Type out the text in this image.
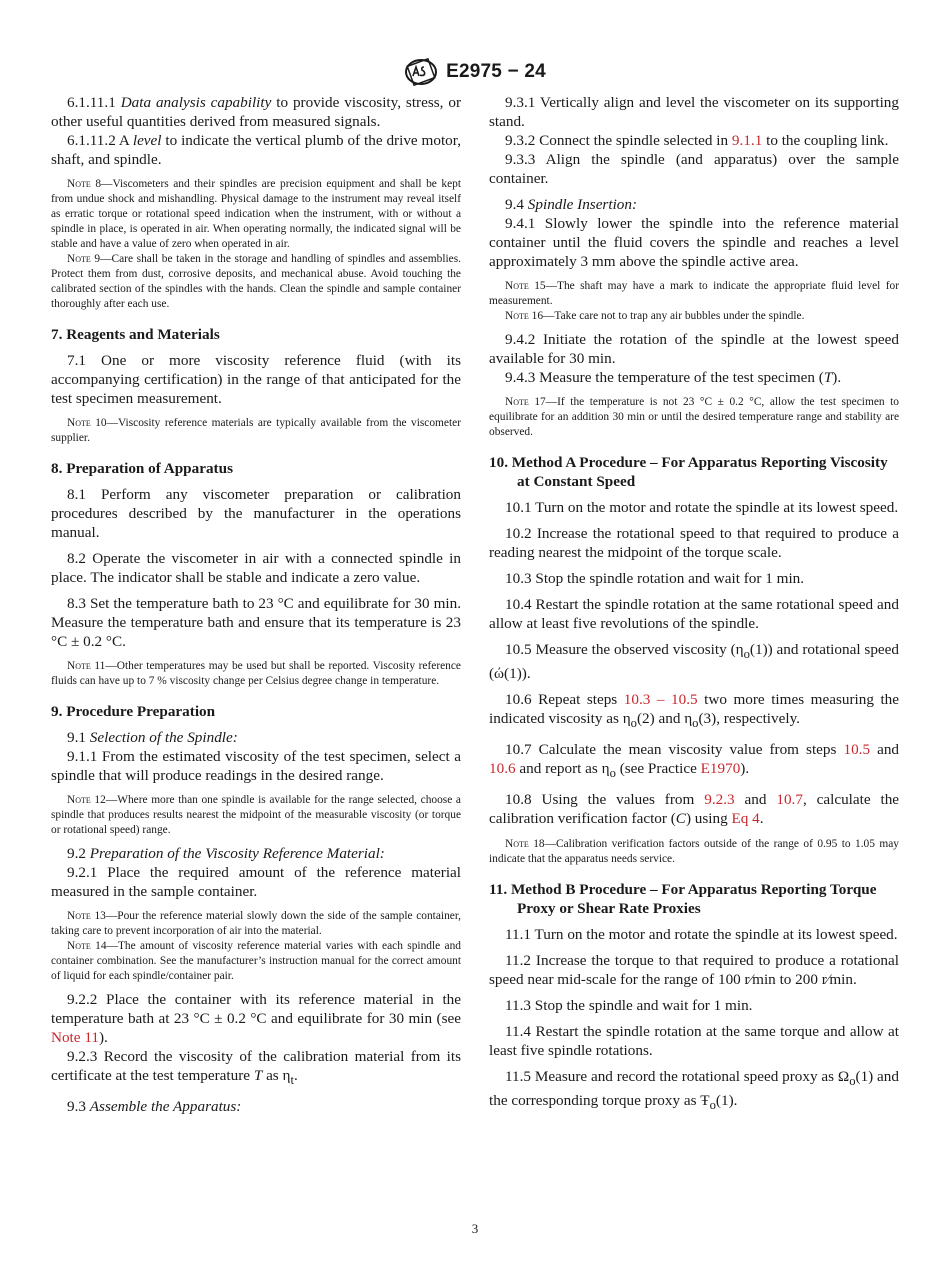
E2975 − 24

6.1.11.1 Data analysis capability to provide viscosity, stress, or other useful quantities derived from measured signals.

6.1.11.2 A level to indicate the vertical plumb of the drive motor, shaft, and spindle.

Note 8—Viscometers and their spindles are precision equipment and shall be kept from undue shock and mishandling. Physical damage to the instrument may reveal itself as erratic torque or rotational speed indication when the instrument, with or without a spindle in place, is operated in air. When operating normally, the indicated signal will be stable and have a value of zero when operated in air.

Note 9—Care shall be taken in the storage and handling of spindles and assemblies. Protect them from dust, corrosive deposits, and mechanical abuse. Avoid touching the calibrated section of the spindles with the hands. Clean the spindle and sample container thoroughly after each use.

7. Reagents and Materials

7.1 One or more viscosity reference fluid (with its accompanying certification) in the range of that anticipated for the test specimen measurement.

Note 10—Viscosity reference materials are typically available from the viscometer supplier.

8. Preparation of Apparatus

8.1 Perform any viscometer preparation or calibration procedures described by the manufacturer in the operations manual.

8.2 Operate the viscometer in air with a connected spindle in place. The indicator shall be stable and indicate a zero value.

8.3 Set the temperature bath to 23 °C and equilibrate for 30 min. Measure the temperature bath and ensure that its temperature is 23 °C ± 0.2 °C.

Note 11—Other temperatures may be used but shall be reported. Viscosity reference fluids can have up to 7 % viscosity change per Celsius degree change in temperature.

9. Procedure Preparation

9.1 Selection of the Spindle:

9.1.1 From the estimated viscosity of the test specimen, select a spindle that will produce readings in the desired range.

Note 12—Where more than one spindle is available for the range selected, choose a spindle that produces results nearest the midpoint of the measurable viscosity (or torque or rotational speed) range.

9.2 Preparation of the Viscosity Reference Material:

9.2.1 Place the required amount of the reference material measured in the sample container.

Note 13—Pour the reference material slowly down the side of the sample container, taking care to prevent incorporation of air into the material.

Note 14—The amount of viscosity reference material varies with each spindle and container combination. See the manufacturer’s instruction manual for the correct amount of liquid for each spindle/container pair.

9.2.2 Place the container with its reference material in the temperature bath at 23 °C ± 0.2 °C and equilibrate for 30 min (see Note 11).

9.2.3 Record the viscosity of the calibration material from its certificate at the test temperature T as $\eta_t$.

9.3 Assemble the Apparatus:

9.3.1 Vertically align and level the viscometer on its supporting stand.

9.3.2 Connect the spindle selected in 9.1.1 to the coupling link.

9.3.3 Align the spindle (and apparatus) over the sample container.

9.4 Spindle Insertion:

9.4.1 Slowly lower the spindle into the reference material container until the fluid covers the spindle and reaches a level approximately 3 mm above the spindle active area.

Note 15—The shaft may have a mark to indicate the appropriate fluid level for measurement.

Note 16—Take care not to trap any air bubbles under the spindle.

9.4.2 Initiate the rotation of the spindle at the lowest speed available for 30 min.

9.4.3 Measure the temperature of the test specimen (T).

Note 17—If the temperature is not 23 °C ± 0.2 °C, allow the test specimen to equilibrate for an addition 30 min or until the desired temperature range and stability are observed.

10. Method A Procedure – For Apparatus Reporting Viscosity at Constant Speed

10.1 Turn on the motor and rotate the spindle at its lowest speed.

10.2 Increase the rotational speed to that required to produce a reading nearest the midpoint of the torque scale.

10.3 Stop the spindle rotation and wait for 1 min.

10.4 Restart the spindle rotation at the same rotational speed and allow at least five revolutions of the spindle.

10.5 Measure the observed viscosity $(\eta_o(1))$ and rotational speed (ώ(1)).

10.6 Repeat steps 10.3 – 10.5 two more times measuring the indicated viscosity as $\eta_o(2)$ and $\eta_o(3)$, respectively.

10.7 Calculate the mean viscosity value from steps 10.5 and 10.6 and report as $\eta_o$ (see Practice E1970).

10.8 Using the values from 9.2.3 and 10.7, calculate the calibration verification factor (C) using Eq 4.

Note 18—Calibration verification factors outside of the range of 0.95 to 1.05 may indicate that the apparatus needs service.

11. Method B Procedure – For Apparatus Reporting Torque Proxy or Shear Rate Proxies

11.1 Turn on the motor and rotate the spindle at its lowest speed.

11.2 Increase the torque to that required to produce a rotational speed near mid-scale for the range of 100 r⁄min to 200 r⁄min.

11.3 Stop the spindle and wait for 1 min.

11.4 Restart the spindle rotation at the same torque and allow at least five spindle rotations.

11.5 Measure and record the rotational speed proxy as $\Omega_o(1)$ and the corresponding torque proxy as $Ŧ_o(1)$.

3
